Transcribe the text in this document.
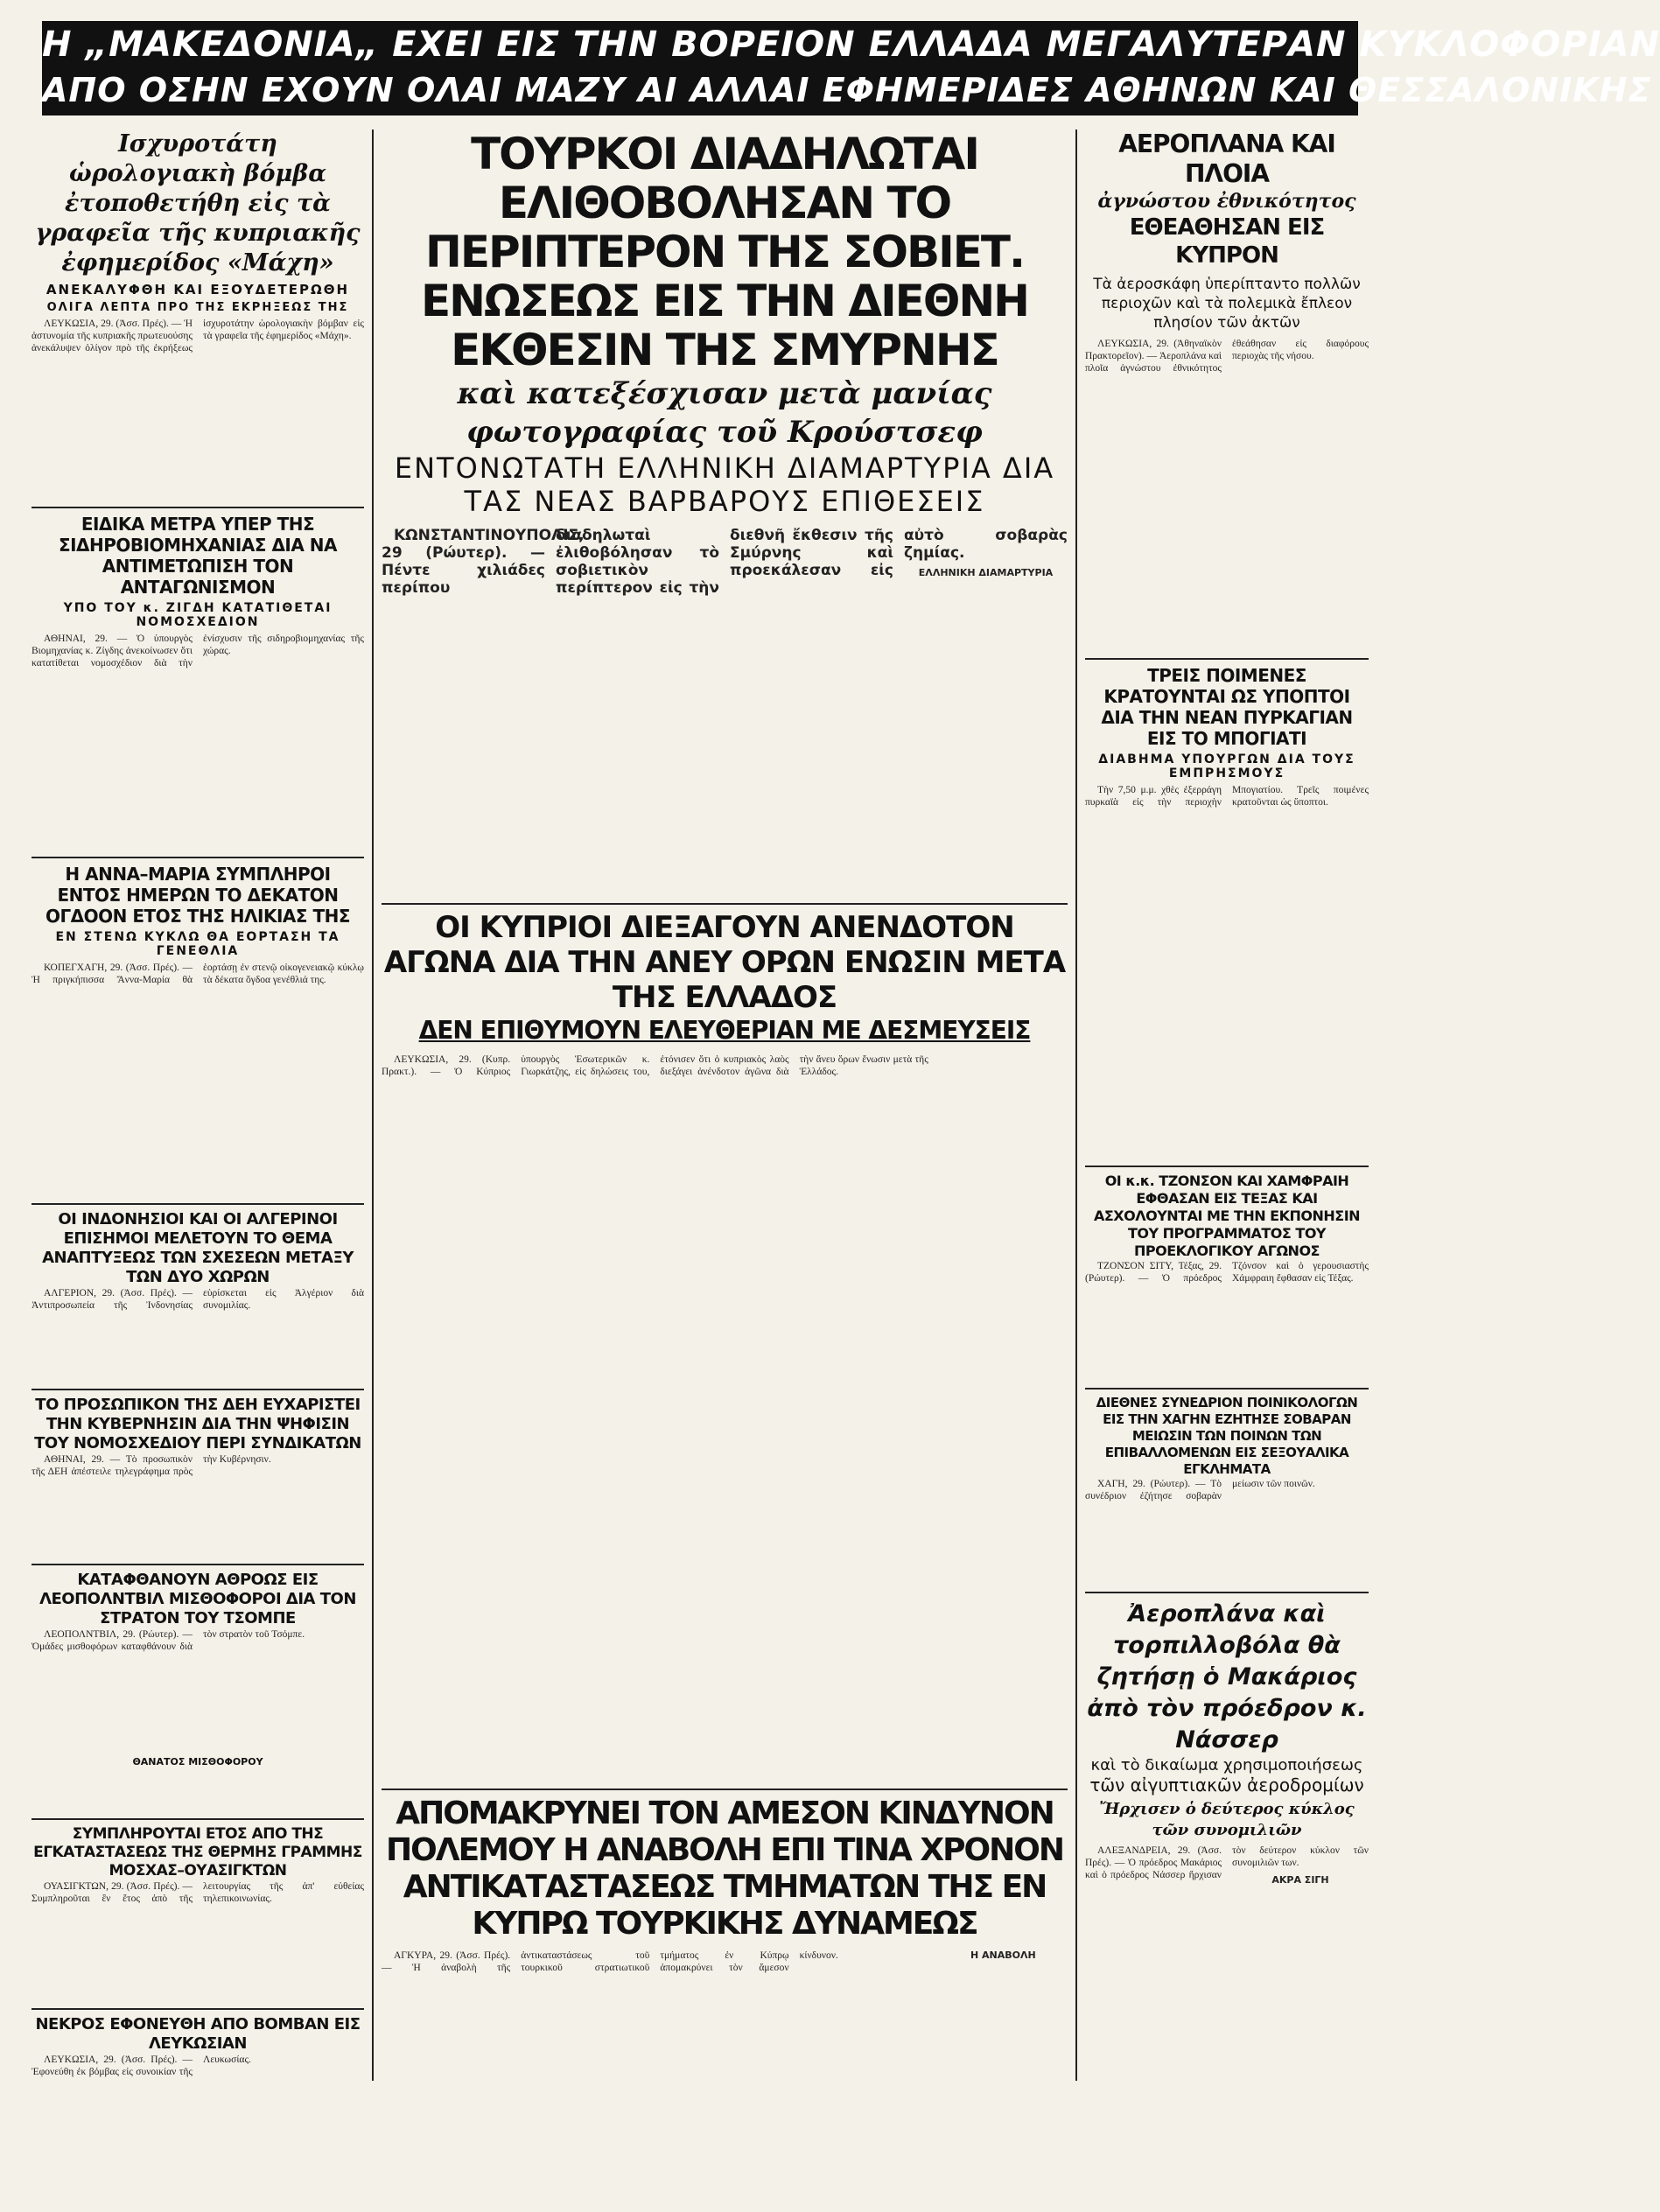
Η „ΜΑΚΕΔΟΝΙΑ„ ΕΧΕΙ ΕΙΣ ΤΗΝ ΒΟΡΕΙΟΝ ΕΛΛΑΔΑ ΜΕΓΑΛΥΤΕΡΑΝ ΚΥΚΛΟΦΟΡΙΑΝ
ΑΠΟ ΟΣΗΝ ΕΧΟΥΝ ΟΛΑΙ ΜΑΖΥ ΑΙ ΑΛΛΑΙ ΕΦΗΜΕΡΙΔΕΣ ΑΘΗΝΩΝ ΚΑΙ ΘΕΣΣΑΛΟΝΙΚΗΣ
Ισχυροτάτη ὡρολογιακὴ βόμβα ἐτοποθετήθη εἰς τὰ γραφεῖα τῆς κυπριακῆς ἐφημερίδος «Μάχη»
ΑΝΕΚΑΛΥΦΘΗ ΚΑΙ ΕΞΟΥΔΕΤΕΡΩΘΗ
ΟΛΙΓΑ ΛΕΠΤΑ ΠΡΟ ΤΗΣ ΕΚΡΗΞΕΩΣ ΤΗΣ

ΛΕΥΚΩΣΙΑ, 29. (Ἀσσ. Πρές). — Ἡ ἀστυνομία τῆς κυπριακῆς πρωτευούσης ἀνεκάλυψεν ὀλίγον πρὸ τῆς ἐκρήξεως ἰσχυροτάτην ὡρολογιακὴν βόμβαν εἰς τὰ γραφεῖα τῆς ἐφημερίδος «Μάχη».

ΕΙΔΙΚΑ ΜΕΤΡΑ ΥΠΕΡ ΤΗΣ ΣΙΔΗΡΟΒΙΟΜΗΧΑΝΙΑΣ ΔΙΑ ΝΑ ΑΝΤΙΜΕΤΩΠΙΣΗ ΤΟΝ ΑΝΤΑΓΩΝΙΣΜΟΝ
ΥΠΟ ΤΟΥ κ. ΖΙΓΔΗ ΚΑΤΑΤΙΘΕΤΑΙ ΝΟΜΟΣΧΕΔΙΟΝ

ΑΘΗΝΑΙ, 29. — Ὁ ὑπουργὸς Βιομηχανίας κ. Ζίγδης ἀνεκοίνωσεν ὅτι κατατίθεται νομοσχέδιον διὰ τὴν ἐνίσχυσιν τῆς σιδηροβιομηχανίας τῆς χώρας.

Η ΑΝΝΑ–ΜΑΡΙΑ ΣΥΜΠΛΗΡΟΙ ΕΝΤΟΣ ΗΜΕΡΩΝ ΤΟ ΔΕΚΑΤΟΝ ΟΓΔΟΟΝ ΕΤΟΣ ΤΗΣ ΗΛΙΚΙΑΣ ΤΗΣ
ΕΝ ΣΤΕΝΩ ΚΥΚΛΩ ΘΑ ΕΟΡΤΑΣΗ ΤΑ ΓΕΝΕΘΛΙΑ

ΚΟΠΕΓΧΑΓΗ, 29. (Ἀσσ. Πρές). — Ἡ πριγκήπισσα Ἄννα-Μαρία θὰ ἑορτάσῃ ἐν στενῷ οἰκογενειακῷ κύκλῳ τὰ δέκατα ὄγδοα γενέθλιά της.

ΟΙ ΙΝΔΟΝΗΣΙΟΙ ΚΑΙ ΟΙ ΑΛΓΕΡΙΝΟΙ ΕΠΙΣΗΜΟΙ ΜΕΛΕΤΟΥΝ ΤΟ ΘΕΜΑ ΑΝΑΠΤΥΞΕΩΣ ΤΩΝ ΣΧΕΣΕΩΝ ΜΕΤΑΞΥ ΤΩΝ ΔΥΟ ΧΩΡΩΝ

ΑΛΓΕΡΙΟΝ, 29. (Ἀσσ. Πρές). — Ἀντιπροσωπεία τῆς Ἰνδονησίας εὑρίσκεται εἰς Ἀλγέριον διὰ συνομιλίας.

ΤΟ ΠΡΟΣΩΠΙΚΟΝ ΤΗΣ ΔΕΗ ΕΥΧΑΡΙΣΤΕΙ ΤΗΝ ΚΥΒΕΡΝΗΣΙΝ ΔΙΑ ΤΗΝ ΨΗΦΙΣΙΝ ΤΟΥ ΝΟΜΟΣΧΕΔΙΟΥ ΠΕΡΙ ΣΥΝΔΙΚΑΤΩΝ

ΑΘΗΝΑΙ, 29. — Τὸ προσωπικὸν τῆς ΔΕΗ ἀπέστειλε τηλεγράφημα πρὸς τὴν Κυβέρνησιν.

ΚΑΤΑΦΘΑΝΟΥΝ ΑΘΡΟΩΣ ΕΙΣ ΛΕΟΠΟΛΝΤΒΙΛ ΜΙΣΘΟΦΟΡΟΙ ΔΙΑ ΤΟΝ ΣΤΡΑΤΟΝ ΤΟΥ ΤΣΟΜΠΕ

ΛΕΟΠΟΛΝΤΒΙΛ, 29. (Ρώυτερ). — Ὁμάδες μισθοφόρων καταφθάνουν διὰ τὸν στρατὸν τοῦ Τσόμπε.

ΘΑΝΑΤΟΣ ΜΙΣΘΟΦΟΡΟΥ
ΣΥΜΠΛΗΡΟΥΤΑΙ ΕΤΟΣ ΑΠΟ ΤΗΣ ΕΓΚΑΤΑΣΤΑΣΕΩΣ ΤΗΣ ΘΕΡΜΗΣ ΓΡΑΜΜΗΣ ΜΟΣΧΑΣ–ΟΥΑΣΙΓΚΤΩΝ

ΟΥΑΣΙΓΚΤΩΝ, 29. (Ἀσσ. Πρές). — Συμπληροῦται ἓν ἔτος ἀπὸ τῆς λειτουργίας τῆς ἀπ' εὐθείας τηλεπικοινωνίας.

ΝΕΚΡΟΣ ΕΦΟΝΕΥΘΗ ΑΠΟ ΒΟΜΒΑΝ ΕΙΣ ΛΕΥΚΩΣΙΑΝ

ΛΕΥΚΩΣΙΑ, 29. (Ἀσσ. Πρές). — Ἐφονεύθη ἐκ βόμβας εἰς συνοικίαν τῆς Λευκωσίας.

ΤΟΥΡΚΟΙ ΔΙΑΔΗΛΩΤΑΙ ΕΛΙΘΟΒΟΛΗΣΑΝ ΤΟ ΠΕΡΙΠΤΕΡΟΝ ΤΗΣ ΣΟΒΙΕΤ. ΕΝΩΣΕΩΣ ΕΙΣ ΤΗΝ ΔΙΕΘΝΗ ΕΚΘΕΣΙΝ ΤΗΣ ΣΜΥΡΝΗΣ
καὶ κατεξέσχισαν μετὰ μανίας
φωτογραφίας τοῦ Κρούστσεφ
ΕΝΤΟΝΩΤΑΤΗ ΕΛΛΗΝΙΚΗ ΔΙΑΜΑΡΤΥΡΙΑ ΔΙΑ ΤΑΣ ΝΕΑΣ ΒΑΡΒΑΡΟΥΣ ΕΠΙΘΕΣΕΙΣ

ΚΩΝΣΤΑΝΤΙΝΟΥΠΟΛΙΣ, 29 (Ρώυτερ). — Πέντε χιλιάδες περίπου διαδηλωταὶ ἐλιθοβόλησαν τὸ σοβιετικὸν περίπτερον εἰς τὴν διεθνῆ ἔκθεσιν τῆς Σμύρνης καὶ προεκάλεσαν εἰς αὐτὸ σοβαρὰς ζημίας.

ΕΛΛΗΝΙΚΗ ΔΙΑΜΑΡΤΥΡΙΑ
ΟΙ ΚΥΠΡΙΟΙ ΔΙΕΞΑΓΟΥΝ ΑΝΕΝΔΟΤΟΝ ΑΓΩΝΑ ΔΙΑ ΤΗΝ ΑΝΕΥ ΟΡΩΝ ΕΝΩΣΙΝ ΜΕΤΑ ΤΗΣ ΕΛΛΑΔΟΣ
ΔΕΝ ΕΠΙΘΥΜΟΥΝ ΕΛΕΥΘΕΡΙΑΝ ΜΕ ΔΕΣΜΕΥΣΕΙΣ

ΛΕΥΚΩΣΙΑ, 29. (Κυπρ. Πρακτ.). — Ὁ Κύπριος ὑπουργὸς Ἐσωτερικῶν κ. Γιωρκάτζης, εἰς δηλώσεις του, ἐτόνισεν ὅτι ὁ κυπριακὸς λαὸς διεξάγει ἀνένδοτον ἀγῶνα διὰ τὴν ἄνευ ὅρων ἕνωσιν μετὰ τῆς Ἑλλάδος.

ΑΠΟΜΑΚΡΥΝΕΙ ΤΟΝ ΑΜΕΣΟΝ ΚΙΝΔΥΝΟΝ ΠΟΛΕΜΟΥ Η ΑΝΑΒΟΛΗ ΕΠΙ ΤΙΝΑ ΧΡΟΝΟΝ ΑΝΤΙΚΑΤΑΣΤΑΣΕΩΣ ΤΜΗΜΑΤΩΝ ΤΗΣ ΕΝ ΚΥΠΡΩ ΤΟΥΡΚΙΚΗΣ ΔΥΝΑΜΕΩΣ

ΑΓΚΥΡΑ, 29. (Ἀσσ. Πρές). — Ἡ ἀναβολὴ τῆς ἀντικαταστάσεως τοῦ τουρκικοῦ στρατιωτικοῦ τμήματος ἐν Κύπρῳ ἀπομακρύνει τὸν ἄμεσον κίνδυνον.	Η ΑΝΑΒΟΛΗ
ΑΕΡΟΠΛΑΝΑ ΚΑΙ ΠΛΟΙΑ
ἀγνώστου ἐθνικότητος
ΕΘΕΑΘΗΣΑΝ ΕΙΣ ΚΥΠΡΟΝ
Τὰ ἀεροσκάφη ὑπερίπταντο πολλῶν περιοχῶν καὶ τὰ πολεμικὰ ἔπλεον πλησίον τῶν ἀκτῶν

ΛΕΥΚΩΣΙΑ, 29. (Ἀθηναϊκὸν Πρακτορεῖον). — Ἀεροπλάνα καὶ πλοῖα ἀγνώστου ἐθνικότητος ἐθεάθησαν εἰς διαφόρους περιοχὰς τῆς νήσου.

ΤΡΕΙΣ ΠΟΙΜΕΝΕΣ ΚΡΑΤΟΥΝΤΑΙ ΩΣ ΥΠΟΠΤΟΙ ΔΙΑ ΤΗΝ ΝΕΑΝ ΠΥΡΚΑΓΙΑΝ ΕΙΣ ΤΟ ΜΠΟΓΙΑΤΙ
ΔΙΑΒΗΜΑ ΥΠΟΥΡΓΩΝ ΔΙΑ ΤΟΥΣ ΕΜΠΡΗΣΜΟΥΣ

Τὴν 7,50 μ.μ. χθὲς ἐξερράγη πυρκαϊὰ εἰς τὴν περιοχὴν Μπογιατίου. Τρεῖς ποιμένες κρατοῦνται ὡς ὕποπτοι.

ΟΙ κ.κ. ΤΖΟΝΣΟΝ ΚΑΙ ΧΑΜΦΡΑΙΗ ΕΦΘΑΣΑΝ ΕΙΣ ΤΕΞΑΣ ΚΑΙ ΑΣΧΟΛΟΥΝΤΑΙ ΜΕ ΤΗΝ ΕΚΠΟΝΗΣΙΝ ΤΟΥ ΠΡΟΓΡΑΜΜΑΤΟΣ ΤΟΥ ΠΡΟΕΚΛΟΓΙΚΟΥ ΑΓΩΝΟΣ

ΤΖΟΝΣΟΝ ΣΙΤΥ, Τέξας, 29. (Ρώυτερ). — Ὁ πρόεδρος Τζόνσον καὶ ὁ γερουσιαστὴς Χάμφραιη ἔφθασαν εἰς Τέξας.

ΔΙΕΘΝΕΣ ΣΥΝΕΔΡΙΟΝ ΠΟΙΝΙΚΟΛΟΓΩΝ ΕΙΣ ΤΗΝ ΧΑΓΗΝ ΕΖΗΤΗΣΕ ΣΟΒΑΡΑΝ ΜΕΙΩΣΙΝ ΤΩΝ ΠΟΙΝΩΝ ΤΩΝ ΕΠΙΒΑΛΛΟΜΕΝΩΝ ΕΙΣ ΣΕΞΟΥΑΛΙΚΑ ΕΓΚΛΗΜΑΤΑ

ΧΑΓΗ, 29. (Ρώυτερ). — Τὸ συνέδριον ἐζήτησε σοβαρὰν μείωσιν τῶν ποινῶν.

Ἀεροπλάνα καὶ τορπιλλοβόλα θὰ ζητήσῃ ὁ Μακάριος ἀπὸ τὸν πρόεδρον κ. Νάσσερ
καὶ τὸ δικαίωμα χρησιμοποιήσεως
τῶν αἰγυπτιακῶν ἀεροδρομίων
Ἤρχισεν ὁ δεύτερος κύκλος τῶν συνομιλιῶν

ΑΛΕΞΑΝΔΡΕΙΑ, 29. (Ἀσσ. Πρές). — Ὁ πρόεδρος Μακάριος καὶ ὁ πρόεδρος Νάσσερ ἤρχισαν τὸν δεύτερον κύκλον τῶν συνομιλιῶν των.

ΑΚΡΑ ΣΙΓΗ
